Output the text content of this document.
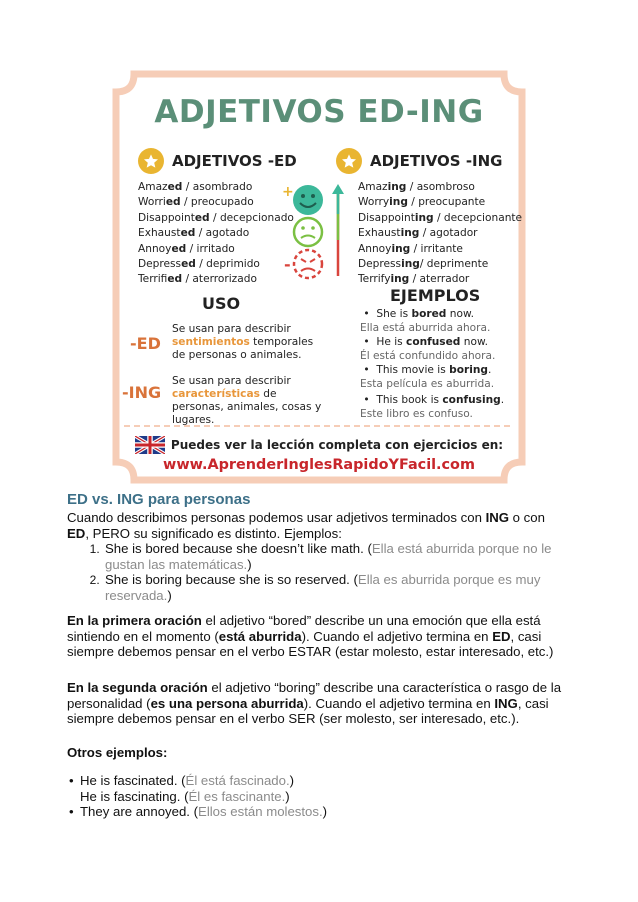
ADJETIVOS ED-ING
ADJETIVOS -ED
Amazed / asombrado
Worried / preocupado
Disappointed / decepcionado
Exhausted / agotado
Annoyed / irritado
Depressed / deprimido
Terrified / aterrorizado
+
-
ADJETIVOS -ING
Amazing / asombroso
Worrying / preocupante
Disappointing / decepcionante
Exhausting / agotador
Annoying / irritante
Depressing/ deprimente
Terrifying / aterrador
USO
-ED
Se usan para describir sentimientos temporales de personas o animales.
-ING
Se usan para describir características de personas, animales, cosas y lugares.
EJEMPLOS
Puedes ver la lección completa con ejercicios en:
www.AprenderInglesRapidoYFacil.com
•  She is bored now.
Ella está aburrida ahora.
•  He is confused now.
Él está confundido ahora.
•  This movie is boring.
Esta película es aburrida.
•  This book is confusing.
Este libro es confuso.
ED vs. ING para personas
Cuando describimos personas podemos usar adjetivos terminados con ING o con ED, PERO su significado es distinto. Ejemplos:
1. She is bored because she doesn’t like math. (Ella está aburrida porque no le gustan las matemáticas.)
2. She is boring because she is so reserved. (Ella es aburrida porque es muy reservada.)
En la primera oración el adjetivo “bored” describe un una emoción que ella está sintiendo en el momento (está aburrida). Cuando el adjetivo termina en ED, casi siempre debemos pensar en el verbo ESTAR (estar molesto, estar interesado, etc.)
En la segunda oración el adjetivo “boring” describe una característica o rasgo de la personalidad (es una persona aburrida). Cuando el adjetivo termina en ING, casi siempre debemos pensar en el verbo SER (ser molesto, ser interesado, etc.).
Otros ejemplos:
• He is fascinated. (Él está fascinado.)
He is fascinating. (Él es fascinante.)
• They are annoyed. (Ellos están molestos.)
